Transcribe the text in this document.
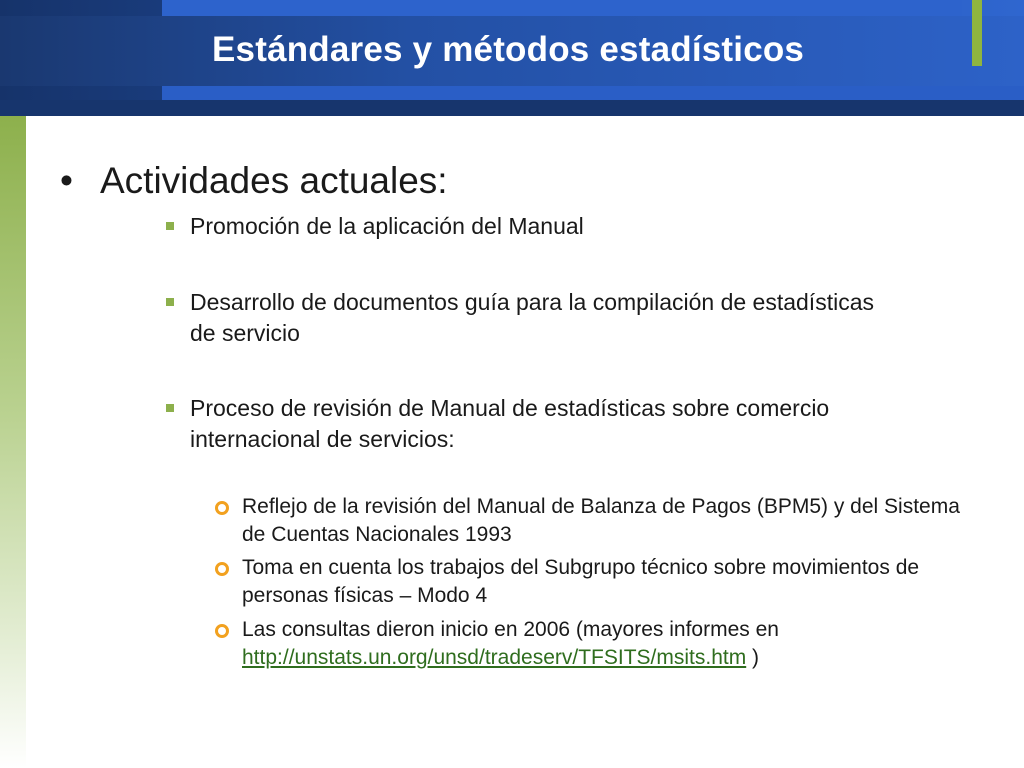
Estándares y métodos estadísticos
• Actividades actuales:
Promoción de la aplicación del Manual
Desarrollo de documentos guía para la compilación de estadísticas de servicio
Proceso de revisión de Manual de estadísticas sobre comercio internacional de servicios:
Reflejo de la revisión del Manual de Balanza de Pagos (BPM5) y del Sistema de Cuentas Nacionales 1993
Toma en cuenta los trabajos del Subgrupo técnico sobre movimientos de personas físicas – Modo 4
Las consultas dieron inicio en 2006 (mayores informes en http://unstats.un.org/unsd/tradeserv/TFSITS/msits.htm )
